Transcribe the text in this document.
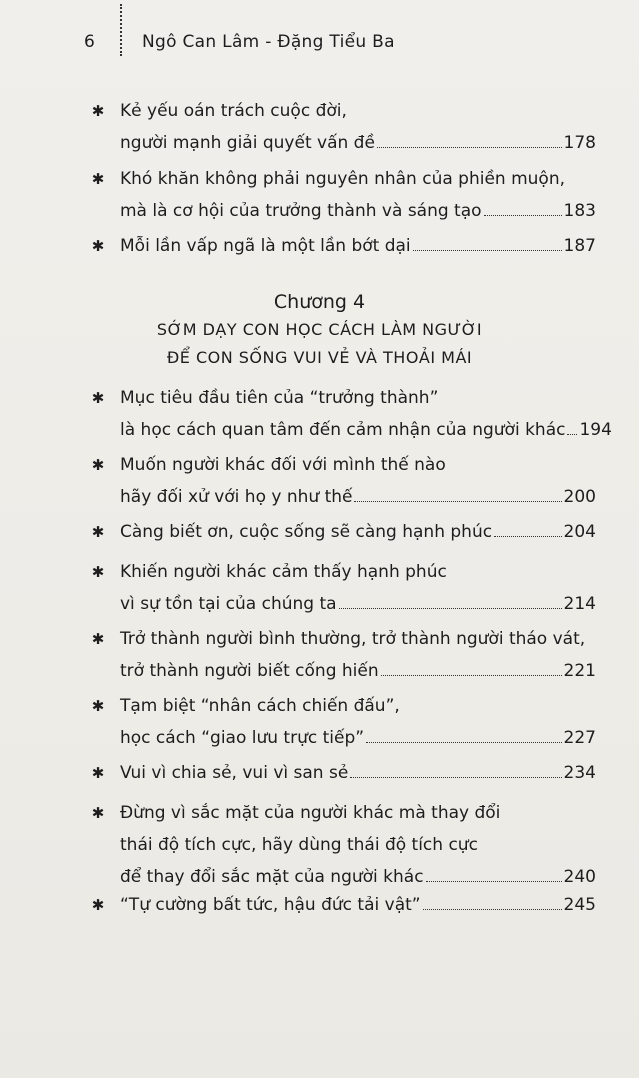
6	Ngô Can Lâm - Đặng Tiểu Ba
✱ Kẻ yếu oán trách cuộc đời,
người mạnh giải quyết vấn đề	178
✱ Khó khăn không phải nguyên nhân của phiền muộn,
mà là cơ hội của trưởng thành và sáng tạo	183
✱ Mỗi lần vấp ngã là một lần bớt dại	187
✱ Mục tiêu đầu tiên của “trưởng thành”
là học cách quan tâm đến cảm nhận của người khác 194
✱ Muốn người khác đối với mình thế nào
hãy đối xử với họ y như thế	200
✱ Càng biết ơn, cuộc sống sẽ càng hạnh phúc	204
✱ Khiến người khác cảm thấy hạnh phúc
vì sự tồn tại của chúng ta	214
✱ Trở thành người bình thường, trở thành người tháo vát,
trở thành người biết cống hiến	221
✱ Tạm biệt “nhân cách chiến đấu”,
học cách “giao lưu trực tiếp”	227
✱ Vui vì chia sẻ, vui vì san sẻ	234
✱ Đừng vì sắc mặt của người khác mà thay đổi
thái độ tích cực, hãy dùng thái độ tích cực
để thay đổi sắc mặt của người khác	240
✱ “Tự cường bất tức, hậu đức tải vật”	245
Chương 4
SỚM DẠY CON HỌC CÁCH LÀM NGƯỜI
ĐỂ CON SỐNG VUI VẺ VÀ THOẢI MÁI
